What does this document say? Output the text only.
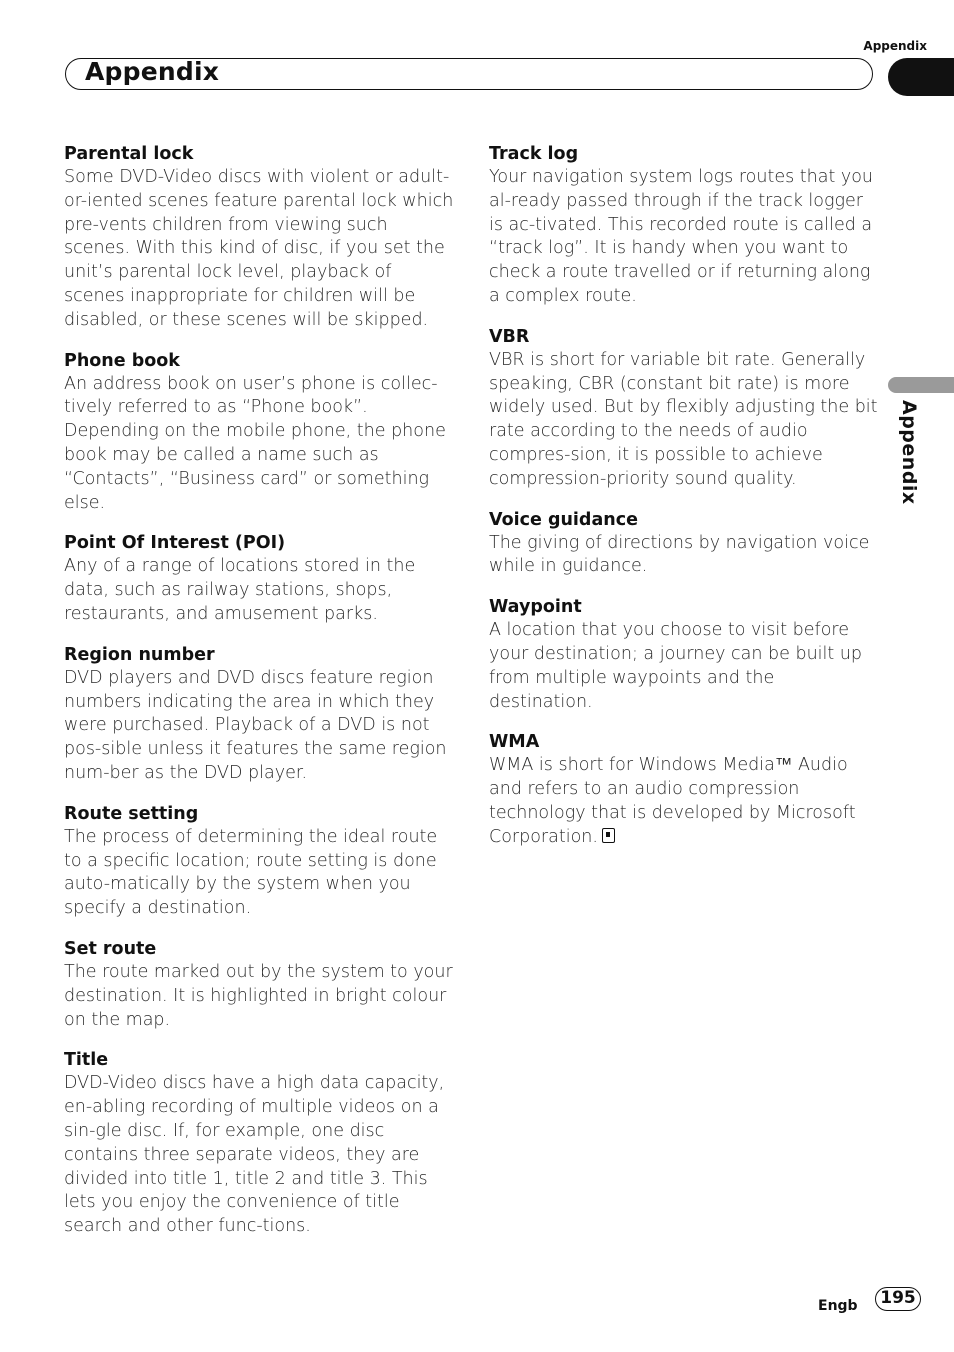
Appendix
Appendix
Appendix
Parental lock
Some DVD-Video discs with violent or adult-or-iented scenes feature parental lock which pre-vents children from viewing such scenes. With this kind of disc, if you set the unit’s parental lock level, playback of scenes inappropriate for children will be disabled, or these scenes will be skipped.
Phone book
An address book on user’s phone is collec-tively referred to as “Phone book”. Depending on the mobile phone, the phone book may be called a name such as “Contacts”, “Business card” or something else.
Point Of Interest (POI)
Any of a range of locations stored in the data, such as railway stations, shops, restaurants, and amusement parks.
Region number
DVD players and DVD discs feature region numbers indicating the area in which they were purchased. Playback of a DVD is not pos-sible unless it features the same region num-ber as the DVD player.
Route setting
The process of determining the ideal route to a specific location; route setting is done auto-matically by the system when you specify a destination.
Set route
The route marked out by the system to your destination. It is highlighted in bright colour on the map.
Title
DVD-Video discs have a high data capacity, en-abling recording of multiple videos on a sin-gle disc. If, for example, one disc contains three separate videos, they are divided into title 1, title 2 and title 3. This lets you enjoy the convenience of title search and other func-tions.
Track log
Your navigation system logs routes that you al-ready passed through if the track logger is ac-tivated. This recorded route is called a “track log”. It is handy when you want to check a route travelled or if returning along a complex route.
VBR
VBR is short for variable bit rate. Generally speaking, CBR (constant bit rate) is more widely used. But by flexibly adjusting the bit rate according to the needs of audio compres-sion, it is possible to achieve compression-priority sound quality.
Voice guidance
The giving of directions by navigation voice while in guidance.
Waypoint
A location that you choose to visit before your destination; a journey can be built up from multiple waypoints and the destination.
WMA
WMA is short for Windows Media™ Audio and refers to an audio compression technology that is developed by Microsoft Corporation.
Engb	195
